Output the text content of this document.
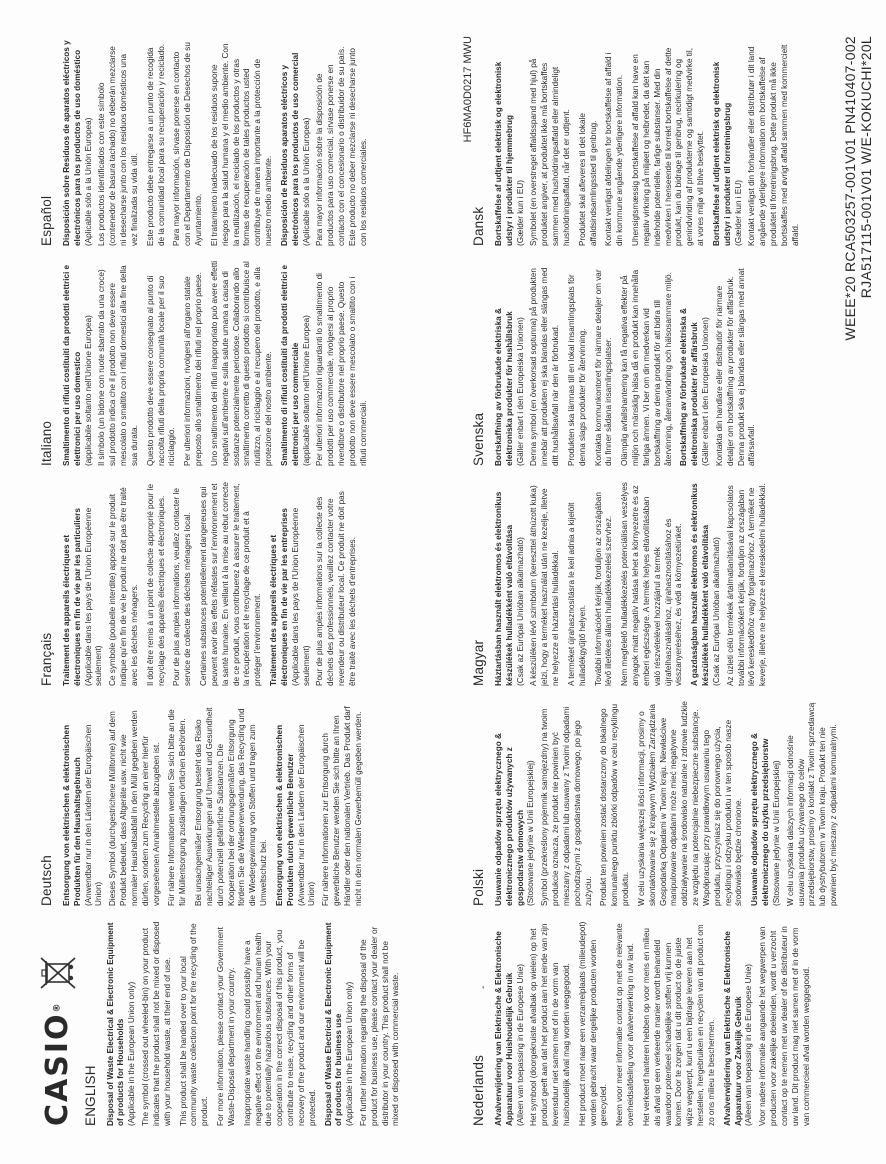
CASIO®
ENGLISH Disposal of Waste Electrical & Electronic Equipment of products for Households (Applicable in the European Union only) The symbol (crossed out wheeled-bin) on your product indicates that the product shall not be mixed or disposed with your household waste, at their end of use. This product shall be handed over to your local community waste collection point for the recycling of the product. For more information, please contact your Government Waste-Disposal department in your country. Inappropriate waste handling could possibly have a negative effect on the environment and human health due to potentially hazardous substances. With your cooperation in the correct disposal of this product, you contribute to reuse, recycling and other forms of recovery of the product and our environment will be protected. Disposal of Waste Electrical & Electronic Equipment of products for business use (Applicable in the European Union only) For further information regarding the disposal of the product for business use, please contact your dealer or distributor in your country. This product shall not be mixed or disposed with commercial waste.

Deutsch Entsorgung von elektrischen & elektronischen Produkten für den Haushaltsgebrauch (Anwendbar nur in den Ländern der Europäischen Union) Dieses Symbol (durchgestrichene Mülltonne) auf dem Produkt bedeutet, dass Altgeräte usw. nicht wie normaler Haushaltsabfall in den Müll gegeben werden dürfen, sondern zum Recycling an einer hierfür vorgesehenen Annahmestelle abzugeben ist. Für nähere Informationen wenden Sie sich bitte an die für Müllentsorgung zuständigen örtlichen Behörden. Bei unsachgemäßer Entsorgung besteht das Risiko nachteiliger Auswirkungen auf Umwelt und Gesundheit durch potenziell gefährliche Substanzen. Die Kooperation bei der ordnungsgemäßen Entsorgung fördern Sie die Wiederverwendung, das Recycling und die Wiedergewinnung von Stoffen und tragen zum Umweltschutz bei. Entsorgung von elektrischen & elektronischen Produkten durch gewerbliche Benutzer (Anwendbar nur in den Ländern der Europäischen Union) Für nähere Informationen zur Entsorgung durch gewerbliche Benutzer wenden Sie sich bitte an Ihren Händler oder den nationalen Vertrieb. Das Produkt darf nicht in den normalen Gewerbemüll gegeben werden.

Français Traitement des appareils électriques et électroniques en fin de vie par les particuliers (Applicable dans les pays de l'Union Européenne seulement) Ce symbole (poubelle interdite) apposé sur le produit indique qu'en fin de vie le produit ne doit pas être traité avec les déchets ménagers. Il doit être remis à un point de collecte approprié pour le recyclage des appareils électriques et électroniques. Pour de plus amples informations, veuillez contacter le service de collecte des déchets ménagers local. Certaines substances potentiellement dangereuses qui peuvent avoir des effets néfastes sur l'environnement et la santé humaine. En veillant à la mise au rebut correcte de ce produit, vous contribuerez à assurer le traitement, la récupération et le recyclage de ce produit et à protéger l'environnement. Traitement des appareils électriques et électroniques en fin de vie par les entreprises (Applicable dans les pays de l'Union Européenne seulement) Pour de plus amples informations sur la collecte des déchets des professionnels, veuillez contacter votre revendeur ou distributeur local. Ce produit ne doit pas être traité avec les déchets d'entreprises.

Italiano Smaltimento di rifiuti costituiti da prodotti elettrici e elettronici per uso domestico (applicabile soltanto nell'Unione Europea) Il simbolo (un bidone con ruote sbarrato da una croce) sul prodotto indica che il prodotto non deve essere mescolato o smaltito con i rifiuti domestici alla fine della sua durata. Questo prodotto deve essere consegnato al punto di raccolta rifiuti della propria comunità locale per il suo riciclaggio. Per ulteriori informazioni, rivolgersi all'organo statale preposto allo smaltimento dei rifiuti nel proprio paese. Uno smaltimento dei rifiuti inappropriato può avere effetti negativi sull'ambiente e sulla salute umana a causa di sostanze potenzialmente pericolose. Collaborando allo smaltimento corretto di questo prodotto si contribuisce al riutilizzo, al riciclaggio e al recupero del prodotto, e alla protezione del nostro ambiente. Smaltimento di rifiuti costituiti da prodotti elettrici e elettronici per uso commerciale (applicabile soltanto nell'Unione Europea) Per ulteriori informazioni riguardanti lo smaltimento di prodotti per uso commerciale, rivolgersi al proprio rivenditore o distributore nel proprio paese. Questo prodotto non deve essere mescolato o smaltito con i rifiuti commerciali.

Español Disposición sobre Residuos de aparatos eléctricos y electrónicos para los productos de uso doméstico (Aplicable sólo a la Unión Europea) Los productos identificados con este símbolo (contenedor de basura tachado) no deberán mezclarse ni desecharse junto con los residuos domésticos una vez finalizada su vida útil. Este producto debe entregarse a un punto de recogida de la comunidad local para su recuperación y reciclado. Para mayor información, sírvase ponerse en contacto con el Departamento de Disposición de Desechos de su Ayuntamiento. El tratamiento inadecuado de los residuos supone riesgos para la salud humana y el medio ambiente. Con la reutilización, el reciclado de los productos y otras formas de recuperación de tales productos usted contribuye de manera importante a la protección de nuestro medio ambiente. Disposición de Residuos aparatos eléctricos y electrónicos para los productos de uso comercial (Aplicable sólo a la Unión Europea) Para mayor información sobre la disposición de productos para uso comercial, sírvase ponerse en contacto con el concesionario o distribuidor de su país. Este producto no deber mezclarse ni desecharse junto con los residuos comerciales.

HF6MA0D0217 MWU
-
Nederlands Afvalverwijdering van Elektrische & Elektronische Apparatuur voor Huishoudelijk Gebruik (Alleen van toepassing in de Europese Unie) Het symbool (doorgekruiste afvalbak op wielen) op het product geeft aan dat het product aan het einde van zijn levensduur niet samen met of in de vorm van huishoudelijk afval mag worden weggegooid. Het product moet naar een verzamelplaats (milieudepot) worden gebracht waar dergelijke producten worden gerecycled. Neem voor meer informatie contact op met de relevante overheidsafdeling voor afvalverwerking in uw land. Het verkeerd hanteren hebben op voor mens en milieu als afval op een verkeerde manier wordt behandeld waardoor potentieel schadelijke stoffen vrij kunnen komen. Door te zorgen dat u dit product op de juiste wijze wegwerpt, kunt u een bijdrage leveren aan het herstellen, hergebruiken en recyclen van dit product om zo ons milieu te beschermen. Afvalverwijdering van Elektrische & Elektronische Apparatuur voor Zakelijk Gebruik (Alleen van toepassing in de Europese Unie) Voor nadere informatie aangaande het wegwerpen van producten voor zakelijke doeleinden, wordt u verzocht contact op te nemen met uw dealer of de distributeur in uw land. Dit product mag niet samen met of in de vorm van commercieel afval worden weggegooid.

Polski Usuwanie odpadów sprzętu elektrycznego & elektronicznego produktów używanych z gospodarstw domowych (Stosowane jedynie w Unii Europejskiej) Symbol (przekreślony pojemnik samojezdny) na twoim produkcie oznacza, że produkt nie powinien być mieszany z odpadami lub usuwany z Twoimi odpadami pochodzącymi z gospodarstwa domowego, po jego zużyciu. Produkt ten powinien zostać dostarczony do lokalnego komunalnego punktu zbiórki odpadów w celu recyklingu produktu. W celu uzyskania większej ilości informacji, prosimy o skontaktowanie się z krajowym Wydziałem Zarządzania Gospodarką Odpadami w Twoim kraju. Niewłaściwe manipulowanie odpadami może mieć negatywne oddziaływanie na środowisko naturalne i zdrowie ludzkie ze względu na potencjalnie niebezpieczne substancje. Współpracując przy prawidłowym usuwaniu tego produktu, przyczyniasz się do ponownego użycia, recyklingu i odzysku produktu i w ten sposób nasze środowisko będzie chronione. Usuwanie odpadów sprzętu elektrycznego & elektronicznego do użytku przedsiębiorstw (Stosowane jedynie w Unii Europejskiej) W celu uzyskania dalszych informacji odnośnie usuwania produktu używanego do celów przedsiębiorstw, prosimy o kontakt z Twoim sprzedawcą lub dystrybutorem w Twoim kraju. Produkt ten nie powinien być mieszany z odpadami komunalnymi.

Magyar Háztartásban használt elektromos és elektronikus készülékek hulladékként való eltávolítása (Csak az Európai Unióban alkalmazható) A készüléken lévő szimbólum (kereszttel áthúzott kuka) jelzi, hogy a terméket használat után ne kezelje, illetve ne helyezze el háztartási hulladékkal. A terméket újrahasznosításra le kell adnia a kijelölt hulladékgyűjtő helyen. További információért kérjük, forduljon az országában lévő illetékes állami hulladékkezelési szervhez. Nem megfelelő hulladékkezelés potenciálisan veszélyes anyagok miatt negatív hatása lehet a környezetre és az emberi egészségre. A termék helyes eltávolításában való részvételével hozzájárul a termék újrafelhasználásához, újrahasznosításához és visszanyeréséhez, és védi a környezetünket. A gazdaságban használt elektromos és elektronikus készülékek hulladékként való eltávolítása (Csak az Európai Unióban alkalmazható) Az üzleti célú termékek ártalmatlanításával kapcsolatos további információkért kérjük, forduljon az országában lévő kereskedőhöz vagy forgalmazóhoz. A terméket ne keverje, illetve ne helyezze el kereskedelmi hulladékkal.

Svenska Bortskaffning av förbrukade elektriska & elektroniska produkter för hushållsbruk (Gäller enbart i den Europeiska Unionen) Denna symbol (en överkorsad soptunna) på produkten innebär att produkten ej ska blandas eller slängas med ditt hushållsavfall när den är förbrukad. Produkten ska lämnas till en lokal insamlingsplats för denna slags produkter för återvinning. Kontakta kommunkontoret för närmare detaljer om var du finner sådana insamlingsplatser. Olämplig avfallshantering kan få negativa effekter på miljön och mänsklig hälsa då en produkt kan innehålla farliga ämnen. Vi ber om din medverkan vid bortskaffning av denna produkt för att bidra till återvinning, återanvändning och hälsosammare miljö. Bortskaffning av förbrukade elektriska & elektroniska produkter för affärsbruk (Gäller enbart i den Europeiska Unionen) Kontakta din handlare eller distributör för närmare detaljer om bortskaffning av produkter för affärsbruk. Denna produkt ska ej blandas eller slängas med annat affärsavfall.

Dansk Bortskaffelse af udtjent elektrisk og elektronisk udstyr i produkter til hjemmebrug (Gælder kun i EU) Symbolet (en overstreget affaldsspand med hjul) på produktet angiver, at produktet ikke må bortskaffes sammen med husholdningsaffald eller almindeligt husholdningsaffald, når det er udtjent. Produktet skal afleveres til det lokale affaldsindsamlingssted til genbrug. Kontakt venligst afdelingen for bortskaffelse af affald i din kommune angående yderligere information. Uhensigtsmæssig bortskaffelse af affald kan have en negativ virkning på miljøet og helbredet, da det kan indeholde potentielle, farlige substanser. Med din medvirken i henseende til korrekt bortskaffelse af dette produkt, kan du bidrage til genbrug, recirkulering og genindvinding af produkterne og samtidigt medvirke til, at vores miljø vil blive beskyttet. Bortskaffelse af udtjent elektrisk og elektronisk udstyr i produkter til forretningsbrug (Gælder kun i EU) Kontakt venligst din forhandler eller distributør i dit land angående yderligere information om bortskaffelse af produktet til forretningsbrug. Dette produkt må ikke bortskaffes med øvrigt affald sammen med kommercielt affald.	WEEE*20 RCA503257-001V01 PN410407-002 RJA517115-001V01 W/E-KOKUCHI*20L
